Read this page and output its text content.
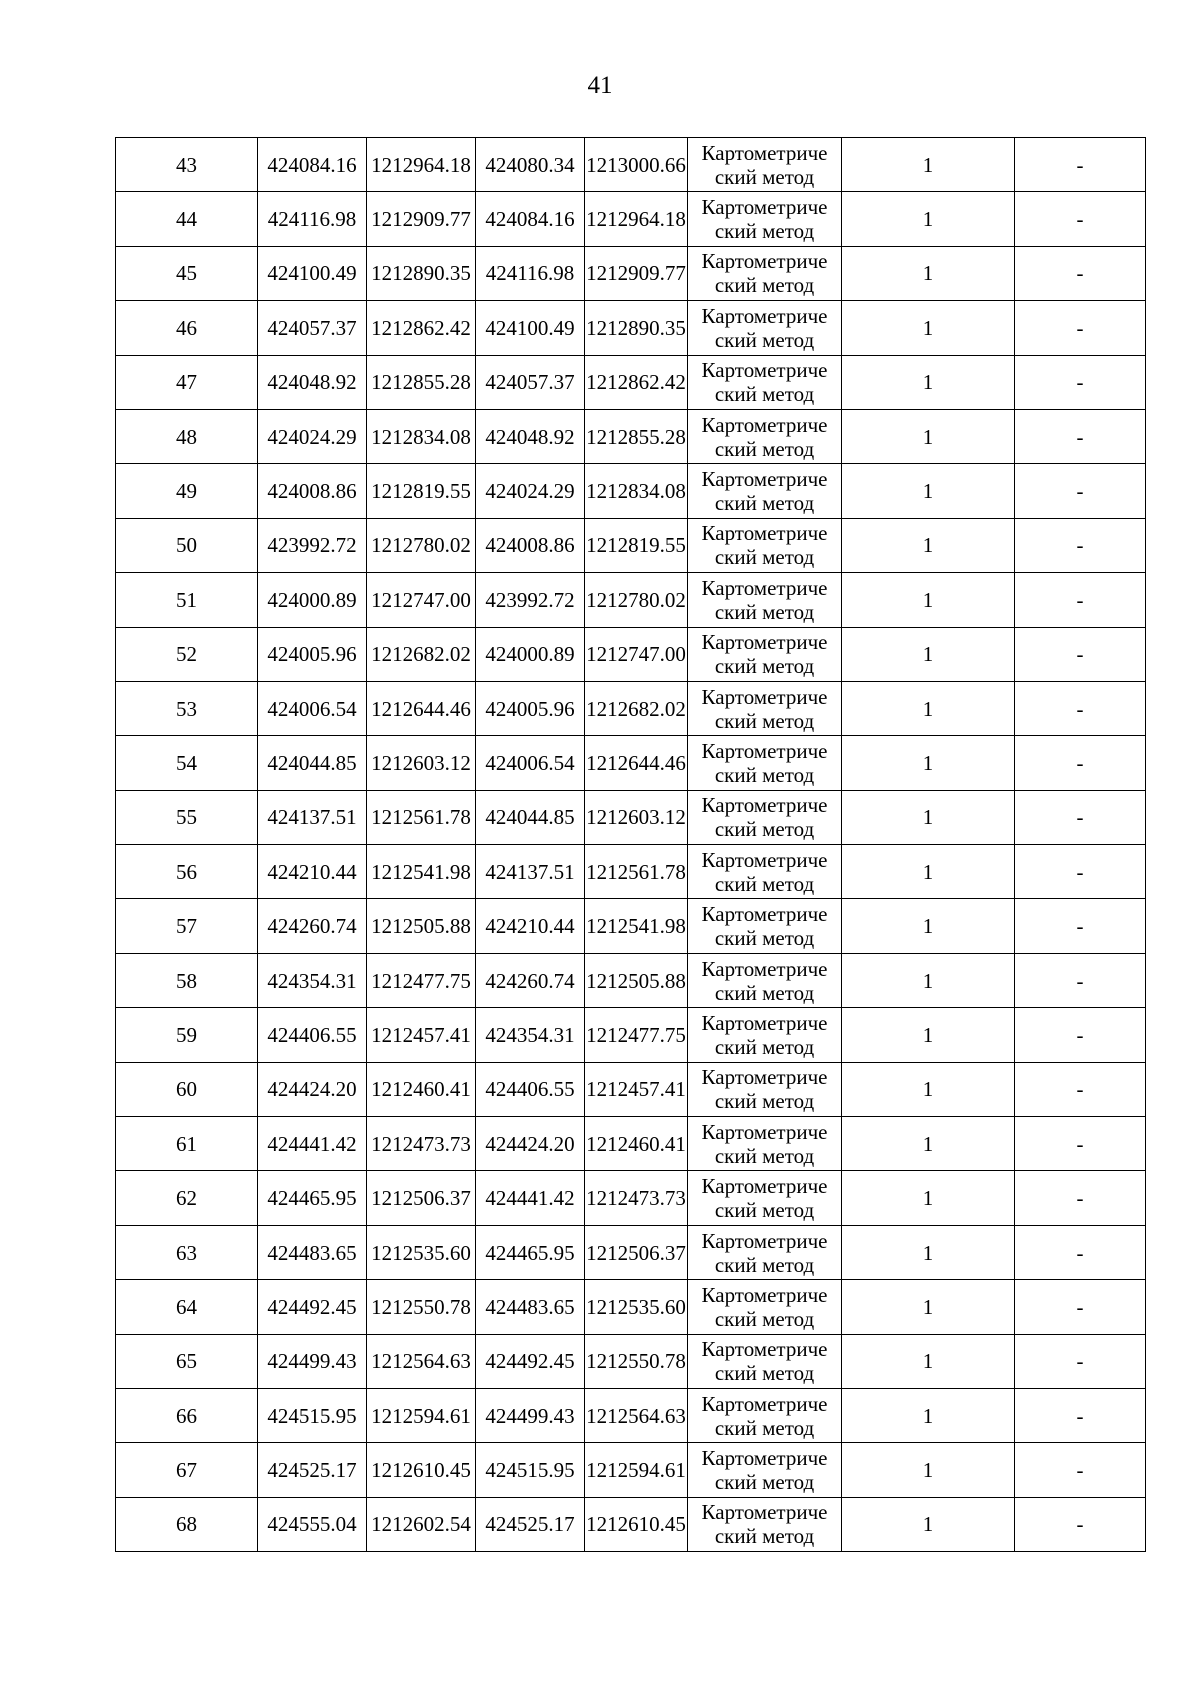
41
43	424084.16	1212964.18	424080.34	1213000.66	Картометриче
ский метод	1	-
44	424116.98	1212909.77	424084.16	1212964.18	Картометриче
ский метод	1	-
45	424100.49	1212890.35	424116.98	1212909.77	Картометриче
ский метод	1	-
46	424057.37	1212862.42	424100.49	1212890.35	Картометриче
ский метод	1	-
47	424048.92	1212855.28	424057.37	1212862.42	Картометриче
ский метод	1	-
48	424024.29	1212834.08	424048.92	1212855.28	Картометриче
ский метод	1	-
49	424008.86	1212819.55	424024.29	1212834.08	Картометриче
ский метод	1	-
50	423992.72	1212780.02	424008.86	1212819.55	Картометриче
ский метод	1	-
51	424000.89	1212747.00	423992.72	1212780.02	Картометриче
ский метод	1	-
52	424005.96	1212682.02	424000.89	1212747.00	Картометриче
ский метод	1	-
53	424006.54	1212644.46	424005.96	1212682.02	Картометриче
ский метод	1	-
54	424044.85	1212603.12	424006.54	1212644.46	Картометриче
ский метод	1	-
55	424137.51	1212561.78	424044.85	1212603.12	Картометриче
ский метод	1	-
56	424210.44	1212541.98	424137.51	1212561.78	Картометриче
ский метод	1	-
57	424260.74	1212505.88	424210.44	1212541.98	Картометриче
ский метод	1	-
58	424354.31	1212477.75	424260.74	1212505.88	Картометриче
ский метод	1	-
59	424406.55	1212457.41	424354.31	1212477.75	Картометриче
ский метод	1	-
60	424424.20	1212460.41	424406.55	1212457.41	Картометриче
ский метод	1	-
61	424441.42	1212473.73	424424.20	1212460.41	Картометриче
ский метод	1	-
62	424465.95	1212506.37	424441.42	1212473.73	Картометриче
ский метод	1	-
63	424483.65	1212535.60	424465.95	1212506.37	Картометриче
ский метод	1	-
64	424492.45	1212550.78	424483.65	1212535.60	Картометриче
ский метод	1	-
65	424499.43	1212564.63	424492.45	1212550.78	Картометриче
ский метод	1	-
66	424515.95	1212594.61	424499.43	1212564.63	Картометриче
ский метод	1	-
67	424525.17	1212610.45	424515.95	1212594.61	Картометриче
ский метод	1	-
68	424555.04	1212602.54	424525.17	1212610.45	Картометриче
ский метод	1	-
